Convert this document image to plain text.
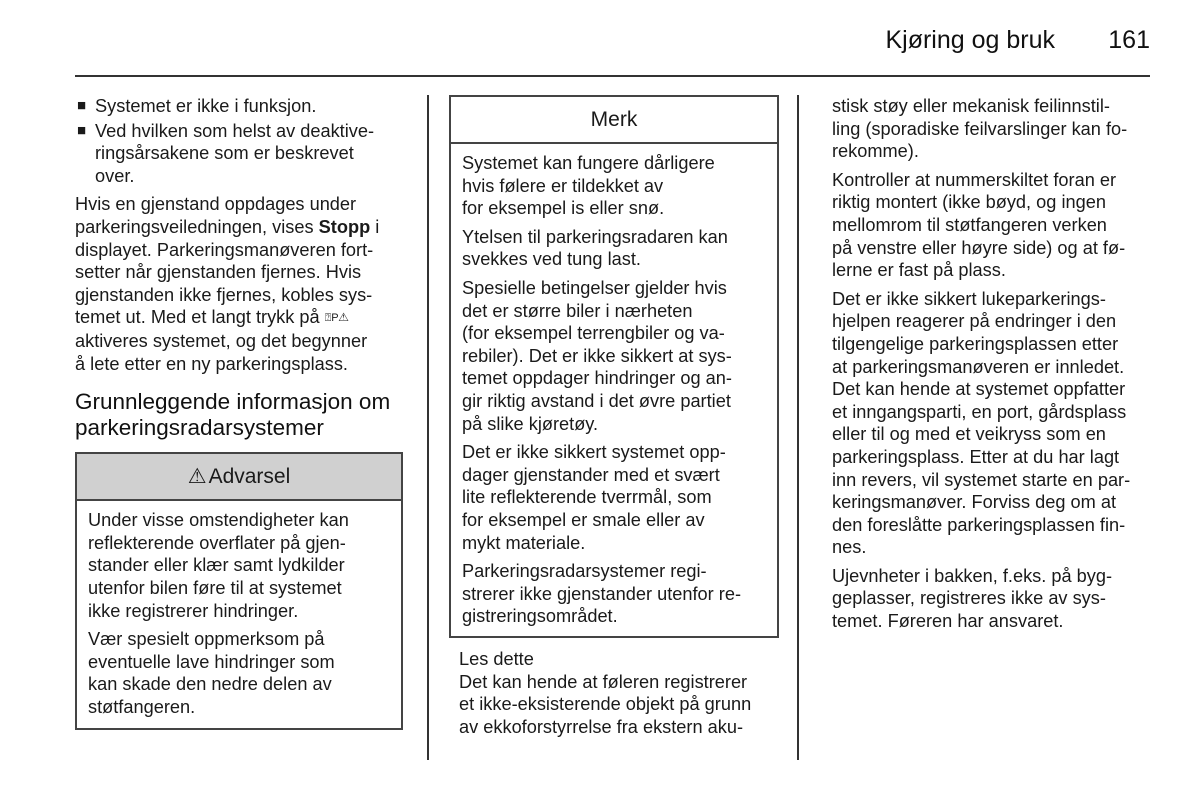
Kjøring og bruk 161
■ Systemet er ikke i funksjon.
■ Ved hvilken som helst av deaktive-
ringsårsakene som er beskrevet
over.

Hvis en gjenstand oppdages under
parkeringsveiledningen, vises Stopp i
displayet. Parkeringsmanøveren fort-
setter når gjenstanden fjernes. Hvis
gjenstanden ikke fjernes, kobles sys-
temet ut. Med et langt trykk på ⍰P⚠
aktiveres systemet, og det begynner
å lete etter en ny parkeringsplass.

Grunnleggende informasjon om
parkeringsradarsystemer
⚠Advarsel

Under visse omstendigheter kan
reflekterende overflater på gjen-
stander eller klær samt lydkilder
utenfor bilen føre til at systemet
ikke registrerer hindringer.

Vær spesielt oppmerksom på
eventuelle lave hindringer som
kan skade den nedre delen av
støtfangeren.

Merk

Systemet kan fungere dårligere
hvis følere er tildekket av
for eksempel is eller snø.

Ytelsen til parkeringsradaren kan
svekkes ved tung last.

Spesielle betingelser gjelder hvis
det er større biler i nærheten
(for eksempel terrengbiler og va-
rebiler). Det er ikke sikkert at sys-
temet oppdager hindringer og an-
gir riktig avstand i det øvre partiet
på slike kjøretøy.

Det er ikke sikkert systemet opp-
dager gjenstander med et svært
lite reflekterende tverrmål, som
for eksempel er smale eller av
mykt materiale.

Parkeringsradarsystemer regi-
strerer ikke gjenstander utenfor re-
gistreringsområdet.

Les dette
Det kan hende at føleren registrerer
et ikke-eksisterende objekt på grunn
av ekkoforstyrrelse fra ekstern aku-

stisk støy eller mekanisk feilinnstil-
ling (sporadiske feilvarslinger kan fo-
rekomme).

Kontroller at nummerskiltet foran er
riktig montert (ikke bøyd, og ingen
mellomrom til støtfangeren verken
på venstre eller høyre side) og at fø-
lerne er fast på plass.

Det er ikke sikkert lukeparkerings-
hjelpen reagerer på endringer i den
tilgengelige parkeringsplassen etter
at parkeringsmanøveren er innledet.
Det kan hende at systemet oppfatter
et inngangsparti, en port, gårdsplass
eller til og med et veikryss som en
parkeringsplass. Etter at du har lagt
inn revers, vil systemet starte en par-
keringsmanøver. Forviss deg om at
den foreslåtte parkeringsplassen fin-
nes.

Ujevnheter i bakken, f.eks. på byg-
geplasser, registreres ikke av sys-
temet. Føreren har ansvaret.
